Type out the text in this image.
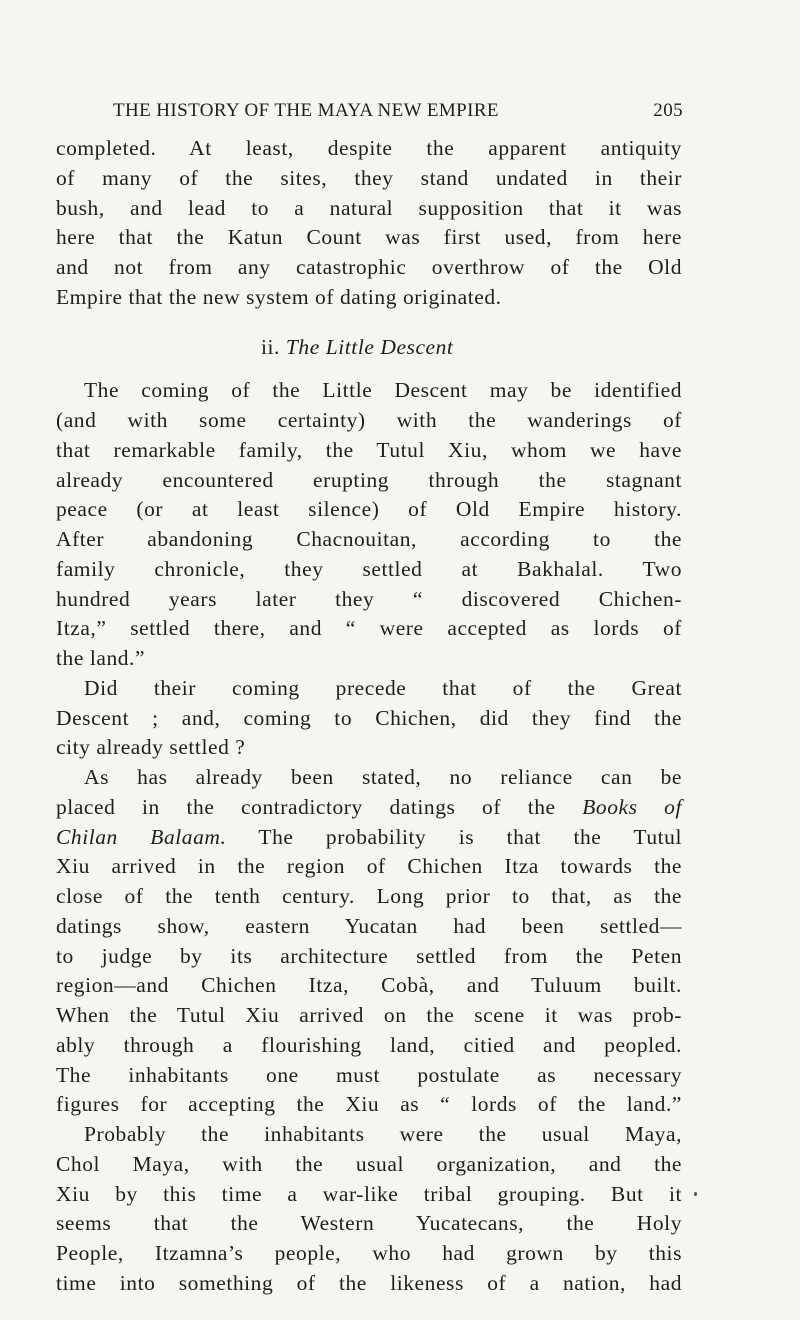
THE HISTORY OF THE MAYA NEW EMPIRE	205
completed. At least, despite the apparent antiquity
of many of the sites, they stand undated in their
bush, and lead to a natural supposition that it was
here that the Katun Count was first used, from here
and not from any catastrophic overthrow of the Old
Empire that the new system of dating originated.
ii. The Little Descent
The coming of the Little Descent may be identified
(and with some certainty) with the wanderings of
that remarkable family, the Tutul Xiu, whom we have
already encountered erupting through the stagnant
peace (or at least silence) of Old Empire history.
After abandoning Chacnouitan, according to the
family chronicle, they settled at Bakhalal. Two
hundred years later they “ discovered Chichen-
Itza,” settled there, and “ were accepted as lords of
the land.”
Did their coming precede that of the Great
Descent ; and, coming to Chichen, did they find the
city already settled ?
As has already been stated, no reliance can be
placed in the contradictory datings of the Books of
Chilan Balaam. The probability is that the Tutul
Xiu arrived in the region of Chichen Itza towards the
close of the tenth century. Long prior to that, as the
datings show, eastern Yucatan had been settled—
to judge by its architecture settled from the Peten
region—and Chichen Itza, Cobà, and Tuluum built.
When the Tutul Xiu arrived on the scene it was prob-
ably through a flourishing land, citied and peopled.
The inhabitants one must postulate as necessary
figures for accepting the Xiu as “ lords of the land.”
Probably the inhabitants were the usual Maya,
Chol Maya, with the usual organization, and the
Xiu by this time a war-like tribal grouping. But it
seems that the Western Yucatecans, the Holy
People, Itzamna’s people, who had grown by this
time into something of the likeness of a nation, had
